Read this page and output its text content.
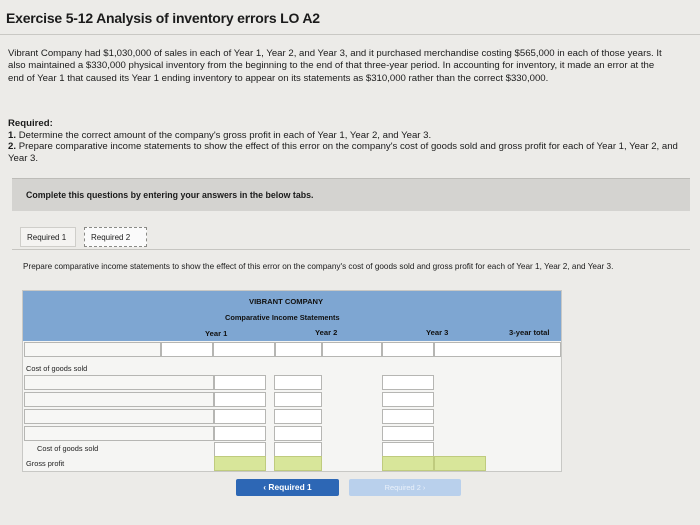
Exercise 5-12 Analysis of inventory errors LO A2
Vibrant Company had $1,030,000 of sales in each of Year 1, Year 2, and Year 3, and it purchased merchandise costing $565,000 in each of those years. It also maintained a $330,000 physical inventory from the beginning to the end of that three-year period. In accounting for inventory, it made an error at the end of Year 1 that caused its Year 1 ending inventory to appear on its statements as $310,000 rather than the correct $330,000.
Required:
1. Determine the correct amount of the company's gross profit in each of Year 1, Year 2, and Year 3.
2. Prepare comparative income statements to show the effect of this error on the company's cost of goods sold and gross profit for each of Year 1, Year 2, and Year 3.
Complete this questions by entering your answers in the below tabs.
Required 1	Required 2
Prepare comparative income statements to show the effect of this error on the company's cost of goods sold and gross profit for each of Year 1, Year 2, and Year 3.
VIBRANT COMPANY
Comparative Income Statements
Year 1	Year 2	Year 3	3-year total
Cost of goods sold
Cost of goods sold
Gross profit
‹ Required 1	Required 2 ›
